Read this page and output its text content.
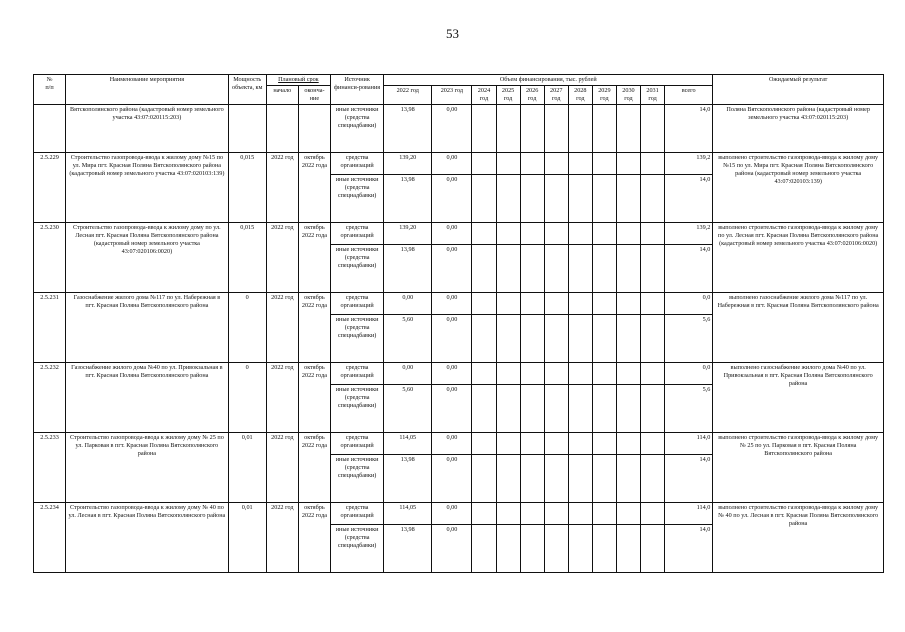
53
№
п/п	Наименование мероприятия	Мощность объекта, км	Плановый срок		Источник финанси-рования	Объем финансирования, тыс. рублей											Ожидаемый результат
			начало	оконча-ние		2022 год	2023 год	2024 год	2025 год	2026 год	2027 год	2028 год	2029 год	2030 год	2031 год	всего	
	Вятскополянского района (кадастровый номер земельного участка 43:07:020115:203)				иные источники (средства спецнадбавки)	13,98	0,00									14,0	Поляна Вятскополянского района (кадастровый номер земельного участка 43:07:020115:203)
2.5.229	Строительство газопровода-ввода к жилому дому №15 по ул. Мира пгт. Красная Поляна Вятскополянского района (кадастровый номер земельного участка 43:07:020103:139)	0,015	2022 год	октябрь 2022 года	средства организаций	139,20	0,00									139,2	выполнено строительство газопровода-ввода к жилому дому №15 по ул. Мира пгт. Красная Поляна Вятскополянского района (кадастровый номер земельного участка 43:07:020103:139)
					иные источники (средства спецнадбавки)	13,98	0,00									14,0	
2.5.230	Строительство газопровода-ввода к жилому дому по ул. Лесная пгт. Красная Поляна Вятскополянского района (кадастровый номер земельного участка 43:07:020106:0020)	0,015	2022 год	октябрь 2022 года	средства организаций	139,20	0,00									139,2	выполнено строительство газопровода-ввода к жилому дому по ул. Лесная пгт. Красная Поляна Вятскополянского района (кадастровый номер земельного участка 43:07:020106:0020)
					иные источники (средства спецнадбавки)	13,98	0,00									14,0	
2.5.231	Газоснабжение жилого дома №117 по ул. Набережная в пгт. Красная Поляна Вятскополянского района	0	2022 год	октябрь 2022 года	средства организаций	0,00	0,00									0,0	выполнено газоснабжение жилого дома №117 по ул. Набережная в пгт. Красная Поляна Вятскополянского района
					иные источники (средства спецнадбавки)	5,60	0,00									5,6	
2.5.232	Газоснабжение жилого дома №40 по ул. Привокзальная в пгт. Красная Поляна Вятскополянского района	0	2022 год	октябрь 2022 года	средства организаций	0,00	0,00									0,0	выполнено газоснабжение жилого дома №40 по ул. Привокзальная в пгт. Красная Поляна Вятскополянского района
					иные источники (средства спецнадбавки)	5,60	0,00									5,6	
2.5.233	Строительство газопровода-ввода к жилому дому № 25 по ул. Парковая в пгт. Красная Поляна Вятскополянского района	0,01	2022 год	октябрь 2022 года	средства организаций	114,05	0,00									114,0	выполнено строительство газопровода-ввода к жилому дому № 25 по ул. Парковая в пгт. Красная Поляна Вятскополянского района
					иные источники (средства спецнадбавки)	13,98	0,00									14,0	
2.5.234	Строительство газопровода-ввода к жилому дому № 40 по ул. Лесная в пгт. Красная Поляна Вятскополянского района	0,01	2022 год	октябрь 2022 года	средства организаций	114,05	0,00									114,0	выполнено строительство газопровода-ввода к жилому дому № 40 по ул. Лесная в пгт. Красная Поляна Вятскополянского района
					иные источники (средства спецнадбавки)	13,98	0,00									14,0	
